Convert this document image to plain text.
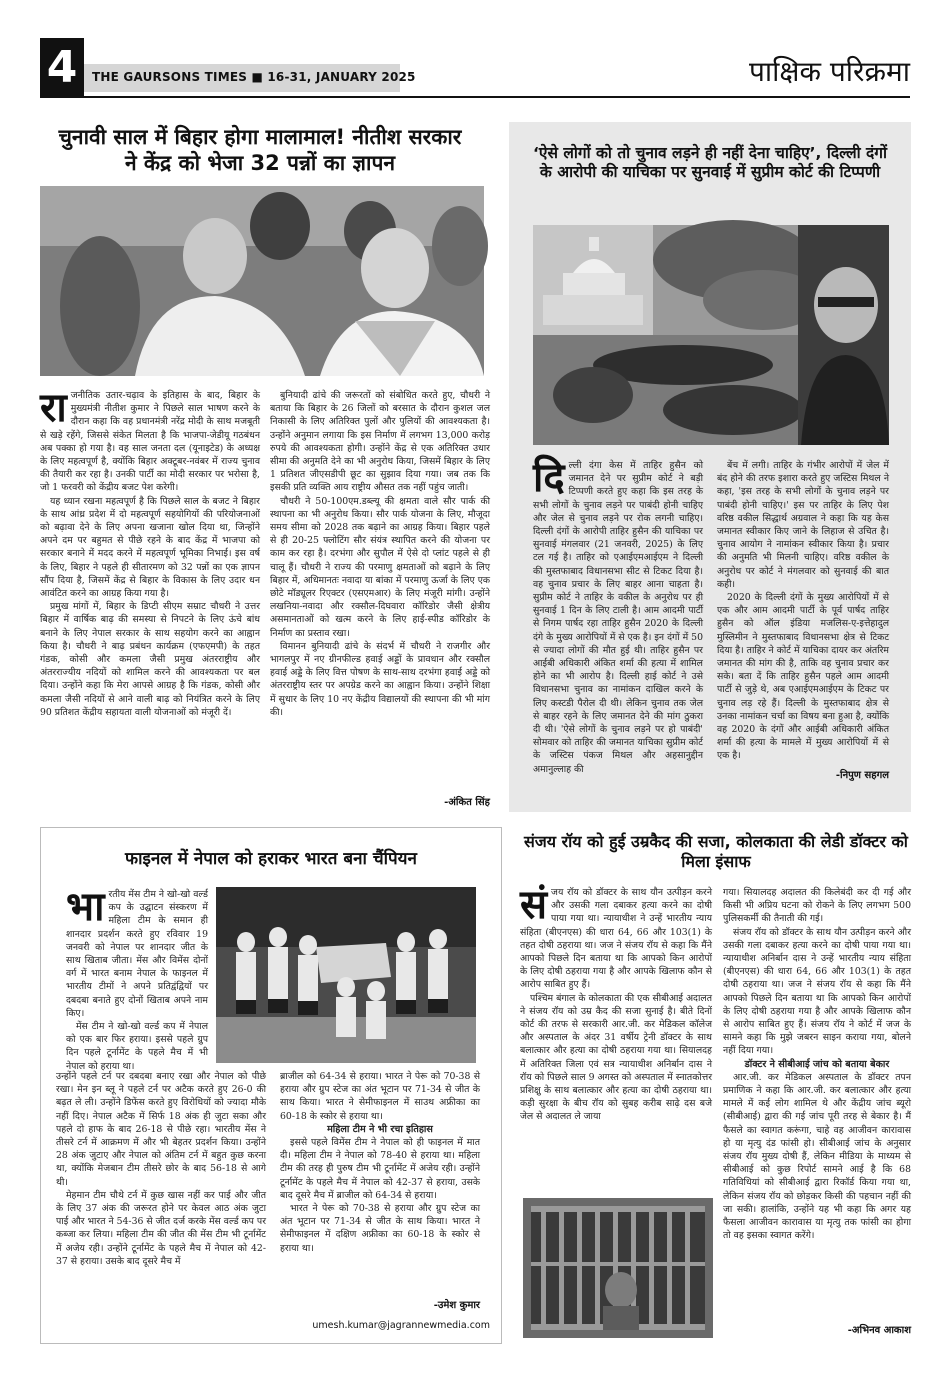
4	THE GAURSONS TIMES ■ 16-31, JANUARY 2025	पाक्षिक परिक्रमा
चुनावी साल में बिहार होगा मालामाल! नीतीश सरकार ने केंद्र को भेजा 32 पन्नों का ज्ञापन
रा जनीतिक उतार-चढ़ाव के इतिहास के बाद, बिहार के मुख्यमंत्री नीतीश कुमार ने पिछले साल भाषण करने के दौरान कहा कि वह प्रधानमंत्री नरेंद्र मोदी के साथ मजबूती से खड़े रहेंगे, जिससे संकेत मिलता है कि भाजपा-जेडीयू गठबंधन अब पक्का हो गया है। वह साल जनता दल (यूनाइटेड) के अध्यक्ष के लिए महत्वपूर्ण है, क्योंकि बिहार अक्टूबर-नवंबर में राज्य चुनाव की तैयारी कर रहा है। उनकी पार्टी का मोदी सरकार पर भरोसा है, जो 1 फरवरी को केंद्रीय बजट पेश करेगी।

यह ध्यान रखना महत्वपूर्ण है कि पिछले साल के बजट ने बिहार के साथ आंध्र प्रदेश में दो महत्वपूर्ण सहयोगियों की परियोजनाओं को बढ़ावा देने के लिए अपना खजाना खोल दिया था, जिन्होंने अपने दम पर बहुमत से पीछे रहने के बाद केंद्र में भाजपा को सरकार बनाने में मदद करने में महत्वपूर्ण भूमिका निभाई। इस वर्ष के लिए, बिहार ने पहले ही सीतारमण को 32 पन्नों का एक ज्ञापन सौंप दिया है, जिसमें केंद्र से बिहार के विकास के लिए उदार धन आवंटित करने का आग्रह किया गया है।

प्रमुख मांगों में, बिहार के डिप्टी सीएम सम्राट चौधरी ने उत्तर बिहार में वार्षिक बाढ़ की समस्या से निपटने के लिए ऊंचे बांध बनाने के लिए नेपाल सरकार के साथ सहयोग करने का आह्वान किया है। चौधरी ने बाढ़ प्रबंधन कार्यक्रम (एफएमपी) के तहत गंडक, कोसी और कमला जैसी प्रमुख अंतरराष्ट्रीय और अंतरराज्यीय नदियों को शामिल करने की आवश्यकता पर बल दिया। उन्होंने कहा कि मेरा आपसे आग्रह है कि गंडक, कोसी और कमला जैसी नदियों से आने वाली बाढ़ को नियंत्रित करने के लिए 90 प्रतिशत केंद्रीय सहायता वाली योजनाओं को मंजूरी दें।

बुनियादी ढांचे की जरूरतों को संबोधित करते हुए, चौधरी ने बताया कि बिहार के 26 जिलों को बरसात के दौरान कुशल जल निकासी के लिए अतिरिक्त पुलों और पुलियों की आवश्यकता है। उन्होंने अनुमान लगाया कि इस निर्माण में लगभग 13,000 करोड़ रुपये की आवश्यकता होगी। उन्होंने केंद्र से एक अतिरिक्त उधार सीमा की अनुमति देने का भी अनुरोध किया, जिसमें बिहार के लिए 1 प्रतिशत जीएसडीपी छूट का सुझाव दिया गया। जब तक कि इसकी प्रति व्यक्ति आय राष्ट्रीय औसत तक नहीं पहुंच जाती।

चौधरी ने 50-100एम.डब्ल्यू की क्षमता वाले सौर पार्क की स्थापना का भी अनुरोध किया। सौर पार्क योजना के लिए, मौजूदा समय सीमा को 2028 तक बढ़ाने का आग्रह किया। बिहार पहले से ही 20-25 फ्लोटिंग सौर संयंत्र स्थापित करने की योजना पर काम कर रहा है। दरभंगा और सुपौल में ऐसे दो प्लांट पहले से ही चालू हैं। चौधरी ने राज्य की परमाणु क्षमताओं को बढ़ाने के लिए बिहार में, अधिमानतः नवादा या बांका में परमाणु ऊर्जा के लिए एक छोटे मॉड्यूलर रिएक्टर (एसएमआर) के लिए मंजूरी मांगी। उन्होंने लखनिया-नवादा और रक्सौल-दिघवारा कॉरिडोर जैसी क्षेत्रीय असमानताओं को खत्म करने के लिए हाई-स्पीड कॉरिडोर के निर्माण का प्रस्ताव रखा।

विमानन बुनियादी ढांचे के संदर्भ में चौधरी ने राजगीर और भागलपुर में नए ग्रीनफील्ड हवाई अड्डों के प्रावधान और रक्सौल हवाई अड्डे के लिए वित्त पोषण के साथ-साथ दरभंगा हवाई अड्डे को अंतरराष्ट्रीय स्तर पर अपग्रेड करने का आह्वान किया। उन्होंने शिक्षा में सुधार के लिए 10 नए केंद्रीय विद्यालयों की स्थापना की भी मांग की।

-अंकित सिंह
‘ऐसे लोगों को तो चुनाव लड़ने ही नहीं देना चाहिए’, दिल्ली दंगों के आरोपी की याचिका पर सुनवाई में सुप्रीम कोर्ट की टिप्पणी
दि ल्ली दंगा केस में ताहिर हुसैन को जमानत देने पर सुप्रीम कोर्ट ने बड़ी टिप्पणी करते हुए कहा कि इस तरह के सभी लोगों के चुनाव लड़ने पर पाबंदी होनी चाहिए और जेल से चुनाव लड़ने पर रोक लगनी चाहिए। दिल्ली दंगों के आरोपी ताहिर हुसैन की याचिका पर सुनवाई मंगलवार (21 जनवरी, 2025) के लिए टल गई है। ताहिर को एआईएमआईएम ने दिल्ली की मुस्तफाबाद विधानसभा सीट से टिकट दिया है। वह चुनाव प्रचार के लिए बाहर आना चाहता है। सुप्रीम कोर्ट ने ताहिर के वकील के अनुरोध पर ही सुनवाई 1 दिन के लिए टाली है। आम आदमी पार्टी से निगम पार्षद रहा ताहिर हुसैन 2020 के दिल्ली दंगे के मुख्य आरोपियों में से एक है। इन दंगों में 50 से ज्यादा लोगों की मौत हुई थी। ताहिर हुसैन पर आईबी अधिकारी अंकित शर्मा की हत्या में शामिल होने का भी आरोप है। दिल्ली हाई कोर्ट ने उसे विधानसभा चुनाव का नामांकन दाखिल करने के लिए कस्टडी पैरोल दी थी। लेकिन चुनाव तक जेल से बाहर रहने के लिए जमानत देने की मांग ठुकरा दी थी। 'ऐसे लोगों के चुनाव लड़ने पर हो पाबंदी' सोमवार को ताहिर की जमानत याचिका सुप्रीम कोर्ट के जस्टिस पंकज मिथल और अहसानुद्दीन अमानुल्लाह की

बेंच में लगी। ताहिर के गंभीर आरोपों में जेल में बंद होने की तरफ इशारा करते हुए जस्टिस मिथल ने कहा, 'इस तरह के सभी लोगों के चुनाव लड़ने पर पाबंदी होनी चाहिए।' इस पर ताहिर के लिए पेश वरिष्ठ वकील सिद्धार्थ अग्रवाल ने कहा कि यह केस जमानत स्वीकार किए जाने के लिहाज से उचित है। चुनाव आयोग ने नामांकन स्वीकार किया है। प्रचार की अनुमति भी मिलनी चाहिए। वरिष्ठ वकील के अनुरोध पर कोर्ट ने मंगलवार को सुनवाई की बात कही।

2020 के दिल्ली दंगों के मुख्य आरोपियों में से एक और आम आदमी पार्टी के पूर्व पार्षद ताहिर हुसैन को ऑल इंडिया मजलिस-ए-इत्तेहादुल मुस्लिमीन ने मुस्तफाबाद विधानसभा क्षेत्र से टिकट दिया है। ताहिर ने कोर्ट में याचिका दायर कर अंतरिम जमानत की मांग की है, ताकि वह चुनाव प्रचार कर सके। बता दें कि ताहिर हुसैन पहले आम आदमी पार्टी से जुड़े थे, अब एआईएमआईएम के टिकट पर चुनाव लड़ रहे हैं। दिल्ली के मुस्तफाबाद क्षेत्र से उनका नामांकन चर्चा का विषय बना हुआ है, क्योंकि वह 2020 के दंगों और आईबी अधिकारी अंकित शर्मा की हत्या के मामले में मुख्य आरोपियों में से एक है।

-निपुण सहगल
फाइनल में नेपाल को हराकर भारत बना चैंपियन
भा रतीय मेंस टीम ने खो-खो वर्ल्ड कप के उद्घाटन संस्करण में महिला टीम के समान ही शानदार प्रदर्शन करते हुए रविवार 19 जनवरी को नेपाल पर शानदार जीत के साथ खिताब जीता। मेंस और विमेंस दोनों वर्ग में भारत बनाम नेपाल के फाइनल में भारतीय टीमों ने अपने प्रतिद्वंद्वियों पर दबदबा बनाते हुए दोनों खिताब अपने नाम किए।

मेंस टीम ने खो-खो वर्ल्ड कप में नेपाल को एक बार फिर हराया। इससे पहले ग्रुप दिन पहले टूर्नामेंट के पहले मैच में भी नेपाल को हराया था।

उन्होंने पहले टर्न पर दबदबा बनाए रखा और नेपाल को पीछे रखा। मेन इन ब्लू ने पहले टर्न पर अटैक करते हुए 26-0 की बढ़त ले ली। उन्होंने डिफेंस करते हुए विरोधियों को ज्यादा मौके नहीं दिए। नेपाल अटैक में सिर्फ 18 अंक ही जुटा सका और पहले दो हाफ के बाद 26-18 से पीछे रहा। भारतीय मेंस ने तीसरे टर्न में आक्रमण में और भी बेहतर प्रदर्शन किया। उन्होंने 28 अंक जुटाए और नेपाल को अंतिम टर्न में बहुत कुछ करना था, क्योंकि मेजबान टीम तीसरे छोर के बाद 56-18 से आगे थी।

मेहमान टीम चौथे टर्न में कुछ खास नहीं कर पाई और जीत के लिए 37 अंक की जरूरत होने पर केवल आठ अंक जुटा पाई और भारत ने 54-36 से जीत दर्ज करके मेंस वर्ल्ड कप पर कब्जा कर लिया। महिला टीम की जीत की मेंस टीम भी टूर्नामेंट में अजेय रही। उन्होंने टूर्नामेंट के पहले मैच में नेपाल को 42-37 से हराया। उसके बाद दूसरे मैच में

ब्राजील को 64-34 से हराया। भारत ने पेरू को 70-38 से हराया और ग्रुप स्टेज का अंत भूटान पर 71-34 से जीत के साथ किया। भारत ने सेमीफाइनल में साउथ अफ्रीका का 60-18 के स्कोर से हराया था।

महिला टीम ने भी रचा इतिहास

इससे पहले विमेंस टीम ने नेपाल को ही फाइनल में मात दी। महिला टीम ने नेपाल को 78-40 से हराया था। महिला टीम की तरह ही पुरुष टीम भी टूर्नामेंट में अजेय रही। उन्होंने टूर्नामेंट के पहले मैच में नेपाल को 42-37 से हराया, उसके बाद दूसरे मैच में ब्राजील को 64-34 से हराया।

भारत ने पेरू को 70-38 से हराया और ग्रुप स्टेज का अंत भूटान पर 71-34 से जीत के साथ किया। भारत ने सेमीफाइनल में दक्षिण अफ्रीका का 60-18 के स्कोर से हराया था।

-उमेश कुमार
umesh.kumar@jagrannewmedia.com
संजय रॉय को हुई उम्रकैद की सजा, कोलकाता की लेडी डॉक्टर को मिला इंसाफ
सं जय रॉय को डॉक्टर के साथ यौन उत्पीड़न करने और उसकी गला दबाकर हत्या करने का दोषी पाया गया था। न्यायाधीश ने उन्हें भारतीय न्याय संहिता (बीएनएस) की धारा 64, 66 और 103(1) के तहत दोषी ठहराया था। जज ने संजय रॉय से कहा कि मैंने आपको पिछले दिन बताया था कि आपको किन आरोपों के लिए दोषी ठहराया गया है और आपके खिलाफ कौन से आरोप साबित हुए हैं।

पश्चिम बंगाल के कोलकाता की एक सीबीआई अदालत ने संजय रॉय को उम्र कैद की सजा सुनाई है। बीते दिनों कोर्ट की तरफ से सरकारी आर.जी. कर मेडिकल कॉलेज और अस्पताल के अंदर 31 वर्षीय ट्रेनी डॉक्टर के साथ बलात्कार और हत्या का दोषी ठहराया गया था। सियालदह में अतिरिक्त जिला एवं सत्र न्यायाधीश अनिर्बान दास ने रॉय को पिछले साल 9 अगस्त को अस्पताल में स्नातकोत्तर प्रशिक्षु के साथ बलात्कार और हत्या का दोषी ठहराया था। कड़ी सुरक्षा के बीच रॉय को सुबह करीब साढ़े दस बजे जेल से अदालत ले जाया

गया। सियालदह अदालत की किलेबंदी कर दी गई और किसी भी अप्रिय घटना को रोकने के लिए लगभग 500 पुलिसकर्मी की तैनाती की गई।

संजय रॉय को डॉक्टर के साथ यौन उत्पीड़न करने और उसकी गला दबाकर हत्या करने का दोषी पाया गया था। न्यायाधीश अनिर्बान दास ने उन्हें भारतीय न्याय संहिता (बीएनएस) की धारा 64, 66 और 103(1) के तहत दोषी ठहराया था। जज ने संजय रॉय से कहा कि मैंने आपको पिछले दिन बताया था कि आपको किन आरोपों के लिए दोषी ठहराया गया है और आपके खिलाफ कौन से आरोप साबित हुए हैं। संजय रॉय ने कोर्ट में जज के सामने कहा कि मुझे जबरन साइन कराया गया, बोलने नहीं दिया गया।

डॉक्टर ने सीबीआई जांच को बताया बेकार

आर.जी. कर मेडिकल अस्पताल के डॉक्टर तपन प्रमाणिक ने कहा कि आर.जी. कर बलात्कार और हत्या मामले में कई लोग शामिल थे और केंद्रीय जांच ब्यूरो (सीबीआई) द्वारा की गई जांच पूरी तरह से बेकार है। मैं फैसले का स्वागत करूंगा, चाहे वह आजीवन कारावास हो या मृत्यु दंड फांसी हो। सीबीआई जांच के अनुसार संजय रॉय मुख्य दोषी हैं, लेकिन मीडिया के माध्यम से सीबीआई को कुछ रिपोर्ट सामने आई है कि 68 गतिविधियां को सीबीआई द्वारा रिकॉर्ड किया गया था, लेकिन संजय रॉय को छोड़कर किसी की पहचान नहीं की जा सकी। हालांकि, उन्होंने यह भी कहा कि अगर यह फैसला आजीवन कारावास या मृत्यु तक फांसी का होगा तो वह इसका स्वागत करेंगे।

-अभिनव आकाश
